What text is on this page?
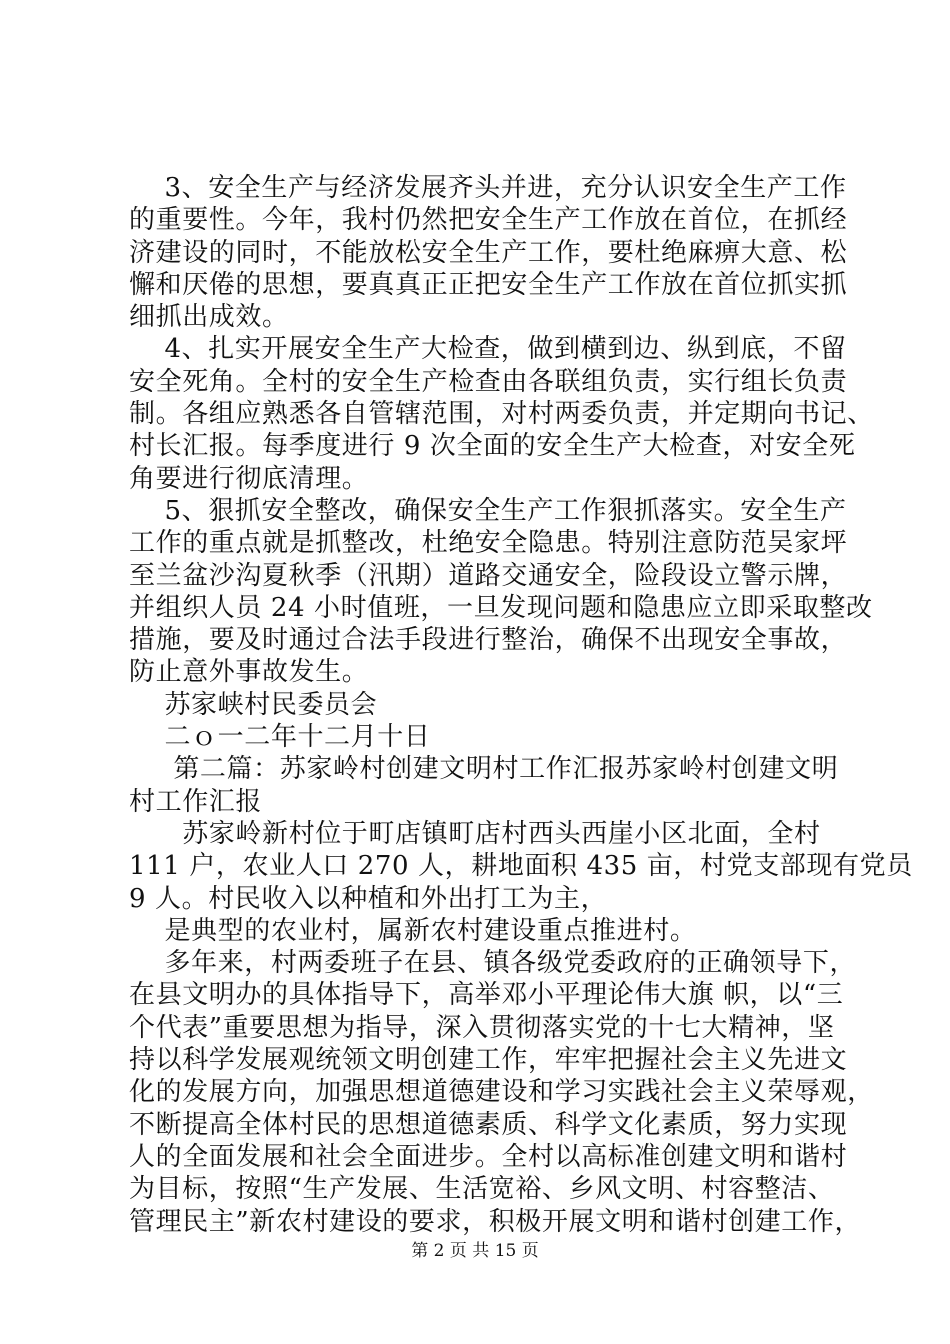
3、安全生产与经济发展齐头并进，充分认识安全生产工作
的重要性。今年，我村仍然把安全生产工作放在首位，在抓经
济建设的同时，不能放松安全生产工作，要杜绝麻痹大意、松
懈和厌倦的思想，要真真正正把安全生产工作放在首位抓实抓
细抓出成效。
4、扎实开展安全生产大检查，做到横到边、纵到底，不留
安全死角。全村的安全生产检查由各联组负责，实行组长负责
制。各组应熟悉各自管辖范围，对村两委负责，并定期向书记、
村长汇报。每季度进行 9 次全面的安全生产大检查，对安全死
角要进行彻底清理。
5、狠抓安全整改，确保安全生产工作狠抓落实。安全生产
工作的重点就是抓整改，杜绝安全隐患。特别注意防范吴家坪
至兰盆沙沟夏秋季（汛期）道路交通安全，险段设立警示牌，
并组织人员 24 小时值班，一旦发现问题和隐患应立即采取整改
措施，要及时通过合法手段进行整治，确保不出现安全事故，
防止意外事故发生。
苏家峡村民委员会
二ｏ一二年十二月十日
第二篇：苏家岭村创建文明村工作汇报苏家岭村创建文明
村工作汇报
苏家岭新村位于町店镇町店村西头西崖小区北面，全村
111 户，农业人口 270 人，耕地面积 435 亩，村党支部现有党员
9 人。村民收入以种植和外出打工为主，
是典型的农业村，属新农村建设重点推进村。
多年来，村两委班子在县、镇各级党委政府的正确领导下，
在县文明办的具体指导下，高举邓小平理论伟大旗 帜，以“三
个代表”重要思想为指导，深入贯彻落实党的十七大精神，坚
持以科学发展观统领文明创建工作，牢牢把握社会主义先进文
化的发展方向，加强思想道德建设和学习实践社会主义荣辱观，
不断提高全体村民的思想道德素质、科学文化素质，努力实现
人的全面发展和社会全面进步。全村以高标准创建文明和谐村
为目标，按照“生产发展、生活宽裕、乡风文明、村容整洁、
管理民主”新农村建设的要求，积极开展文明和谐村创建工作，
第 2 页 共 15 页
